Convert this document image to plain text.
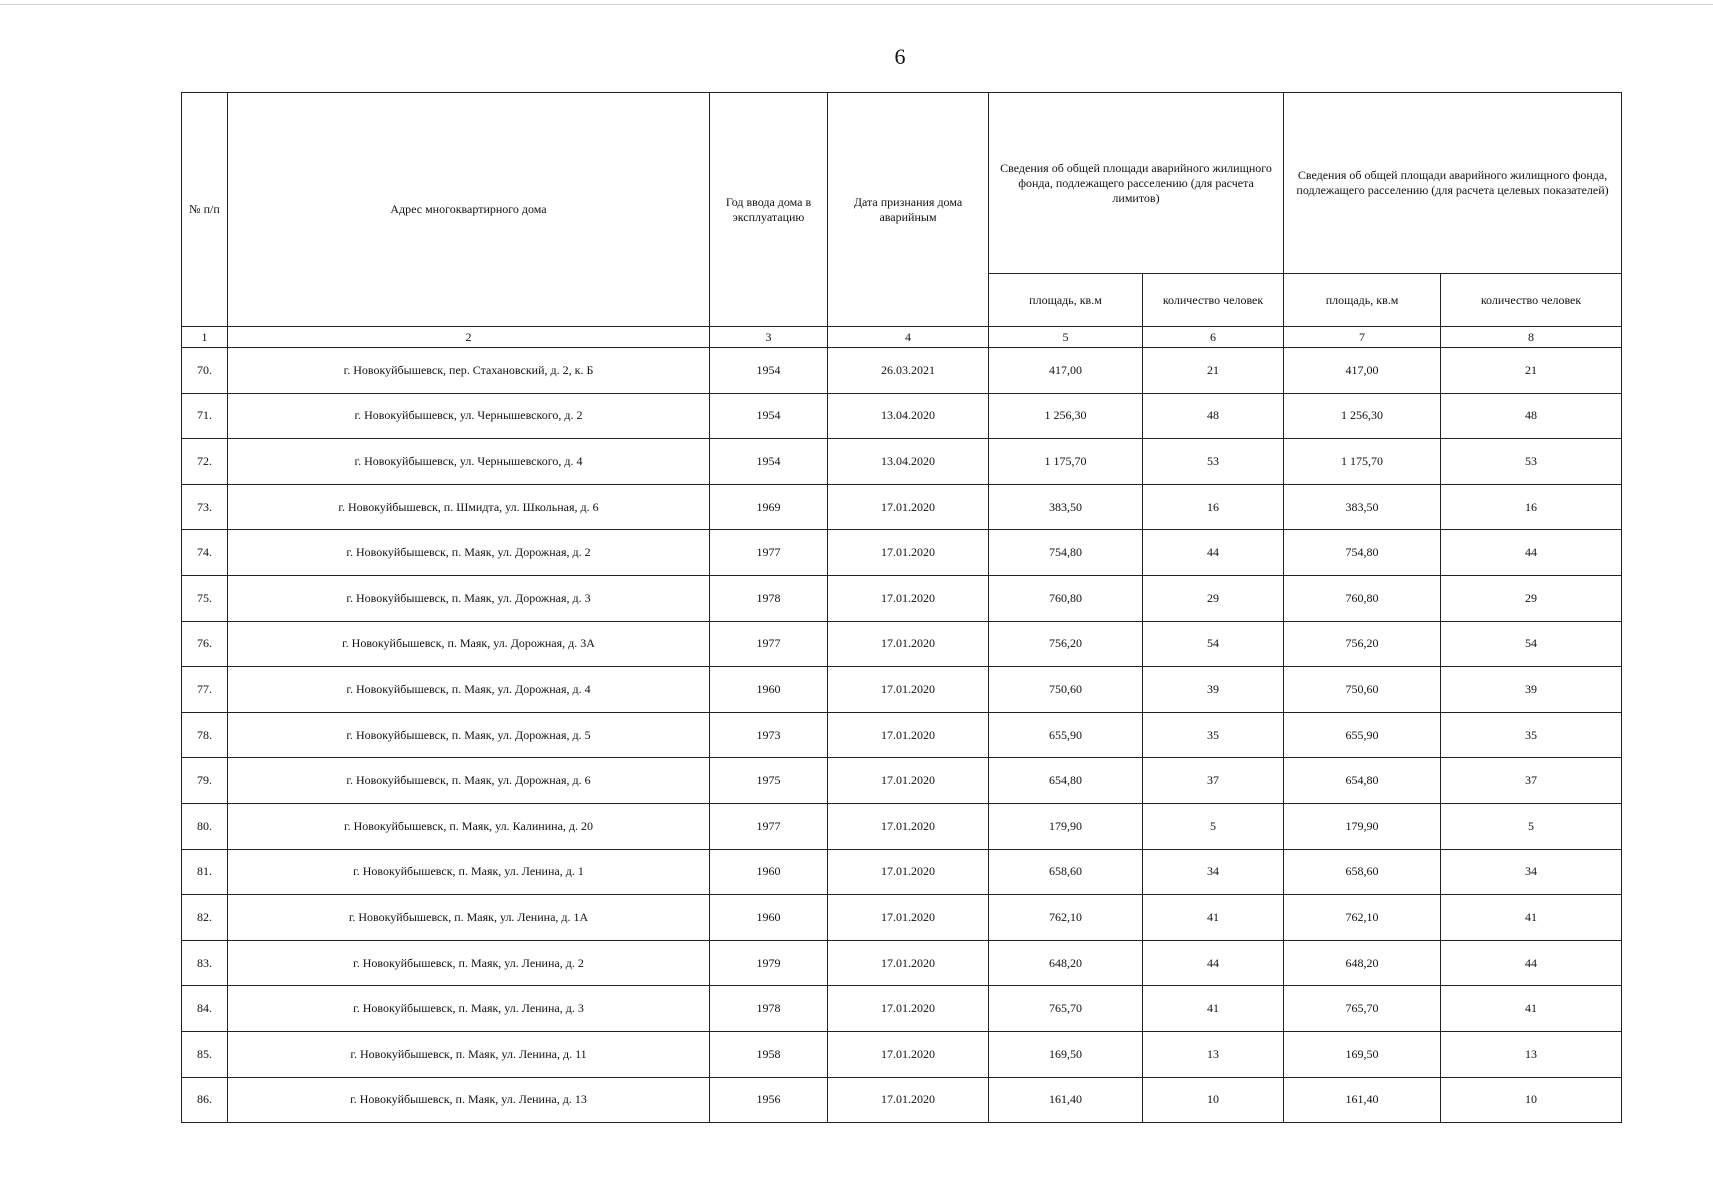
6
№ п/п	Адрес многоквартирного дома	Год ввода дома в эксплуатацию	Дата признания дома аварийным	Сведения об общей площади аварийного жилищного фонда, подлежащего расселению (для расчета лимитов)		Сведения об общей площади аварийного жилищного фонда, подлежащего расселению (для расчета целевых показателей)	
				площадь, кв.м	количество человек	площадь, кв.м	количество человек
1	2	3	4	5	6	7	8
70.	г. Новокуйбышевск, пер. Стахановский, д. 2, к. Б	1954	26.03.2021	417,00	21	417,00	21
71.	г. Новокуйбышевск, ул. Чернышевского, д. 2	1954	13.04.2020	1 256,30	48	1 256,30	48
72.	г. Новокуйбышевск, ул. Чернышевского, д. 4	1954	13.04.2020	1 175,70	53	1 175,70	53
73.	г. Новокуйбышевск, п. Шмидта, ул. Школьная, д. 6	1969	17.01.2020	383,50	16	383,50	16
74.	г. Новокуйбышевск, п. Маяк, ул. Дорожная, д. 2	1977	17.01.2020	754,80	44	754,80	44
75.	г. Новокуйбышевск, п. Маяк, ул. Дорожная, д. 3	1978	17.01.2020	760,80	29	760,80	29
76.	г. Новокуйбышевск, п. Маяк, ул. Дорожная, д. 3А	1977	17.01.2020	756,20	54	756,20	54
77.	г. Новокуйбышевск, п. Маяк, ул. Дорожная, д. 4	1960	17.01.2020	750,60	39	750,60	39
78.	г. Новокуйбышевск, п. Маяк, ул. Дорожная, д. 5	1973	17.01.2020	655,90	35	655,90	35
79.	г. Новокуйбышевск, п. Маяк, ул. Дорожная, д. 6	1975	17.01.2020	654,80	37	654,80	37
80.	г. Новокуйбышевск, п. Маяк, ул. Калинина, д. 20	1977	17.01.2020	179,90	5	179,90	5
81.	г. Новокуйбышевск, п. Маяк, ул. Ленина, д. 1	1960	17.01.2020	658,60	34	658,60	34
82.	г. Новокуйбышевск, п. Маяк, ул. Ленина, д. 1А	1960	17.01.2020	762,10	41	762,10	41
83.	г. Новокуйбышевск, п. Маяк, ул. Ленина, д. 2	1979	17.01.2020	648,20	44	648,20	44
84.	г. Новокуйбышевск, п. Маяк, ул. Ленина, д. 3	1978	17.01.2020	765,70	41	765,70	41
85.	г. Новокуйбышевск, п. Маяк, ул. Ленина, д. 11	1958	17.01.2020	169,50	13	169,50	13
86.	г. Новокуйбышевск, п. Маяк, ул. Ленина, д. 13	1956	17.01.2020	161,40	10	161,40	10
